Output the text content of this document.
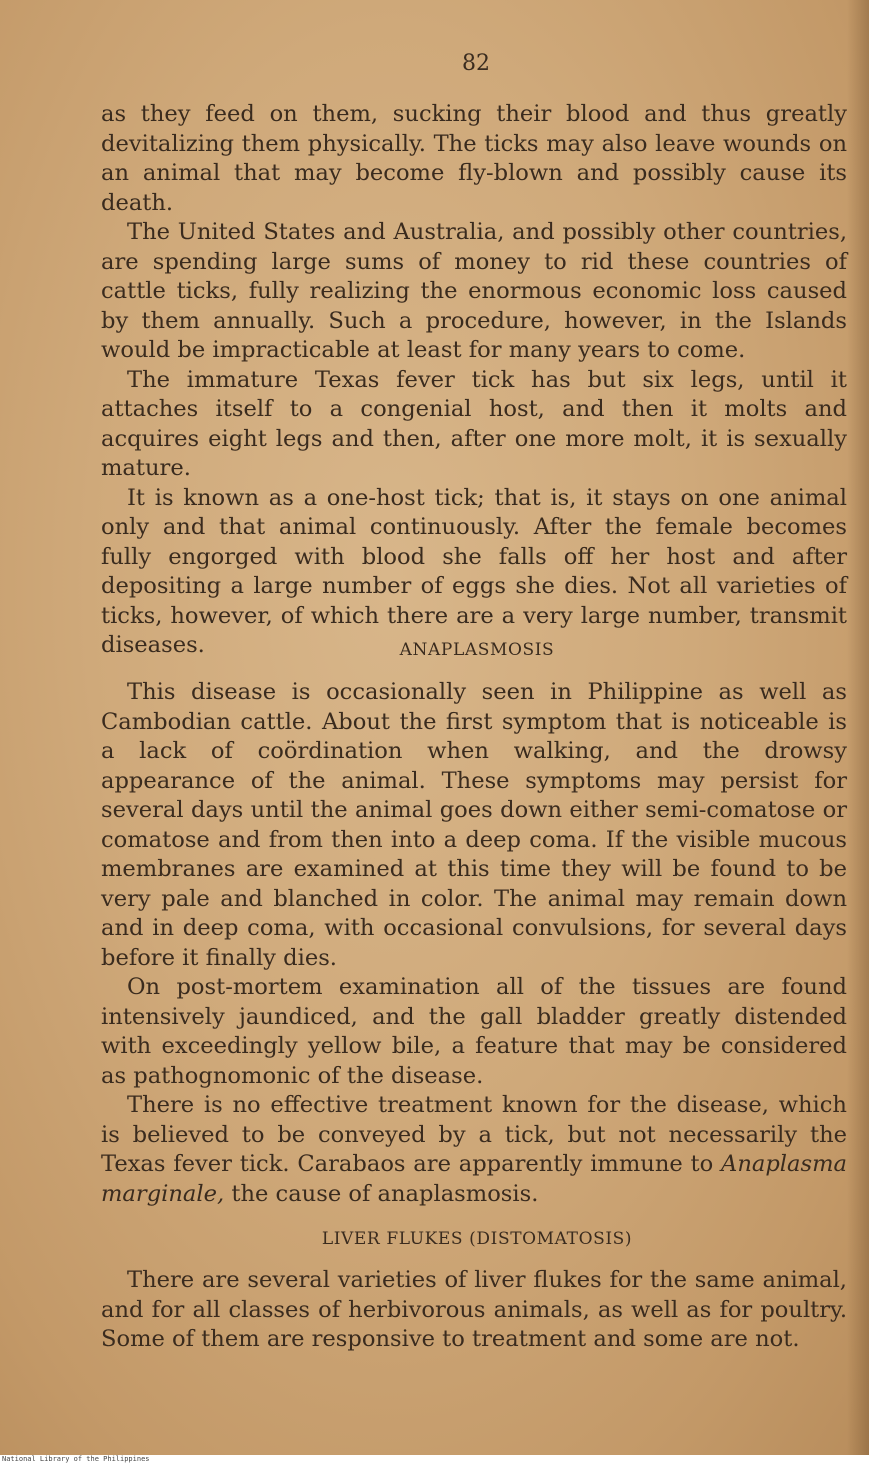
82

as they feed on them, sucking their blood and thus greatly devitalizing them physically. The ticks may also leave wounds on an animal that may become fly-blown and possibly cause its death.

The United States and Australia, and possibly other countries, are spending large sums of money to rid these countries of cattle ticks, fully realizing the enormous economic loss caused by them annually. Such a procedure, however, in the Islands would be impracticable at least for many years to come.

The immature Texas fever tick has but six legs, until it attaches itself to a congenial host, and then it molts and acquires eight legs and then, after one more molt, it is sexually mature.

It is known as a one-host tick; that is, it stays on one animal only and that animal continuously. After the female becomes fully engorged with blood she falls off her host and after depositing a large number of eggs she dies. Not all varieties of ticks, however, of which there are a very large number, transmit diseases.	ANAPLASMOSIS

This disease is occasionally seen in Philippine as well as Cambodian cattle. About the first symptom that is noticeable is a lack of coördination when walking, and the drowsy appearance of the animal. These symptoms may persist for several days until the animal goes down either semi-comatose or comatose and from then into a deep coma. If the visible mucous membranes are examined at this time they will be found to be very pale and blanched in color. The animal may remain down and in deep coma, with occasional convulsions, for several days before it finally dies.

On post-mortem examination all of the tissues are found intensively jaundiced, and the gall bladder greatly distended with exceedingly yellow bile, a feature that may be considered as pathognomonic of the disease.

There is no effective treatment known for the disease, which is believed to be conveyed by a tick, but not necessarily the Texas fever tick. Carabaos are apparently immune to Anaplasma marginale, the cause of anaplasmosis.

LIVER FLUKES (DISTOMATOSIS)

There are several varieties of liver flukes for the same animal, and for all classes of herbivorous animals, as well as for poultry. Some of them are responsive to treatment and some are not.

National Library of the Philippines
